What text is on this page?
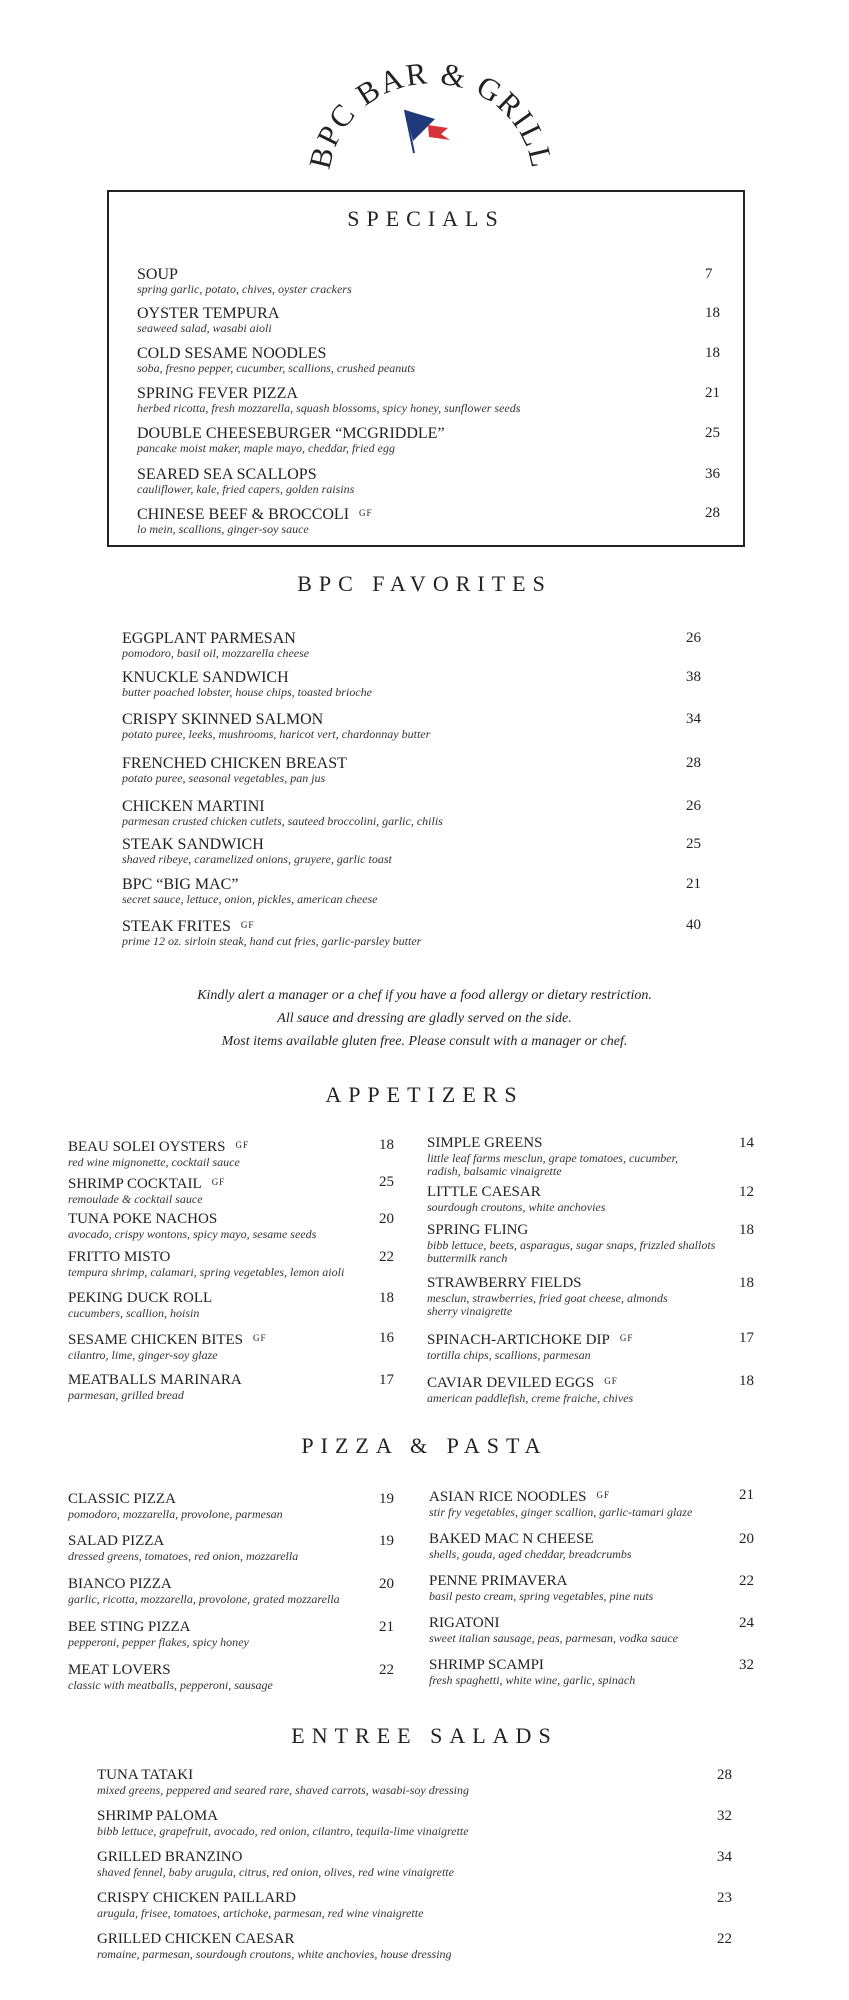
BPC BAR & GRILL
SPECIALS
SOUP
spring garlic, potato, chives, oyster crackers
7
OYSTER TEMPURA
seaweed salad, wasabi aioli
18
COLD SESAME NOODLES
soba, fresno pepper, cucumber, scallions, crushed peanuts
18
SPRING FEVER PIZZA
herbed ricotta, fresh mozzarella, squash blossoms, spicy honey, sunflower seeds
21
DOUBLE CHEESEBURGER “MCGRIDDLE”
pancake moist maker, maple mayo, cheddar, fried egg
25
SEARED SEA SCALLOPS
cauliflower, kale, fried capers, golden raisins
36
CHINESE BEEF & BROCCOLI GF
lo mein, scallions, ginger-soy sauce
28
BPC FAVORITES
EGGPLANT PARMESAN
pomodoro, basil oil, mozzarella cheese
26
KNUCKLE SANDWICH
butter poached lobster, house chips, toasted brioche
38
CRISPY SKINNED SALMON
potato puree, leeks, mushrooms, haricot vert, chardonnay butter
34
FRENCHED CHICKEN BREAST
potato puree, seasonal vegetables, pan jus
28
CHICKEN MARTINI
parmesan crusted chicken cutlets, sauteed broccolini, garlic, chilis
26
STEAK SANDWICH
shaved ribeye, caramelized onions, gruyere, garlic toast
25
BPC “BIG MAC”
secret sauce, lettuce, onion, pickles, american cheese
21
STEAK FRITES GF
prime 12 oz. sirloin steak, hand cut fries, garlic-parsley butter
40
Kindly alert a manager or a chef if you have a food allergy or dietary restriction.
All sauce and dressing are gladly served on the side.
Most items available gluten free. Please consult with a manager or chef.
APPETIZERS
BEAU SOLEI OYSTERS $^{GF}$
red wine mignonette, cocktail sauce
18
SHRIMP COCKTAIL $^{GF}$
remoulade & cocktail sauce
25
TUNA POKE NACHOS
avocado, crispy wontons, spicy mayo, sesame seeds
20
FRITTO MISTO
tempura shrimp, calamari, spring vegetables, lemon aioli
22
PEKING DUCK ROLL
cucumbers, scallion, hoisin
18
SESAME CHICKEN BITES $^{GF}$
cilantro, lime, ginger-soy glaze
16
MEATBALLS MARINARA
parmesan, grilled bread
17
SIMPLE GREENS
little leaf farms mesclun, grape tomatoes, cucumber,
radish, balsamic vinaigrette
14
LITTLE CAESAR
sourdough croutons, white anchovies
12
SPRING FLING
bibb lettuce, beets, asparagus, sugar snaps, frizzled shallots
buttermilk ranch
18
STRAWBERRY FIELDS
mesclun, strawberries, fried goat cheese, almonds
sherry vinaigrette
18
SPINACH-ARTICHOKE DIP $^{GF}$
tortilla chips, scallions, parmesan
17
CAVIAR DEVILED EGGS $^{GF}$
american paddlefish, creme fraiche, chives
18
PIZZA & PASTA
CLASSIC PIZZA
pomodoro, mozzarella, provolone, parmesan
19
SALAD PIZZA
dressed greens, tomatoes, red onion, mozzarella
19
BIANCO PIZZA
garlic, ricotta, mozzarella, provolone, grated mozzarella
20
BEE STING PIZZA
pepperoni, pepper flakes, spicy honey
21
MEAT LOVERS
classic with meatballs, pepperoni, sausage
22
ASIAN RICE NOODLES $^{GF}$
stir fry vegetables, ginger scallion, garlic-tamari glaze
21
BAKED MAC N CHEESE
shells, gouda, aged cheddar, breadcrumbs
20
PENNE PRIMAVERA
basil pesto cream, spring vegetables, pine nuts
22
RIGATONI
sweet italian sausage, peas, parmesan, vodka sauce
24
SHRIMP SCAMPI
fresh spaghetti, white wine, garlic, spinach
32
ENTREE SALADS
TUNA TATAKI
mixed greens, peppered and seared rare, shaved carrots, wasabi-soy dressing
28
SHRIMP PALOMA
bibb lettuce, grapefruit, avocado, red onion, cilantro, tequila-lime vinaigrette
32
GRILLED BRANZINO
shaved fennel, baby arugula, citrus, red onion, olives, red wine vinaigrette
34
CRISPY CHICKEN PAILLARD
arugula, frisee, tomatoes, artichoke, parmesan, red wine vinaigrette
23
GRILLED CHICKEN CAESAR
romaine, parmesan, sourdough croutons, white anchovies, house dressing
22
